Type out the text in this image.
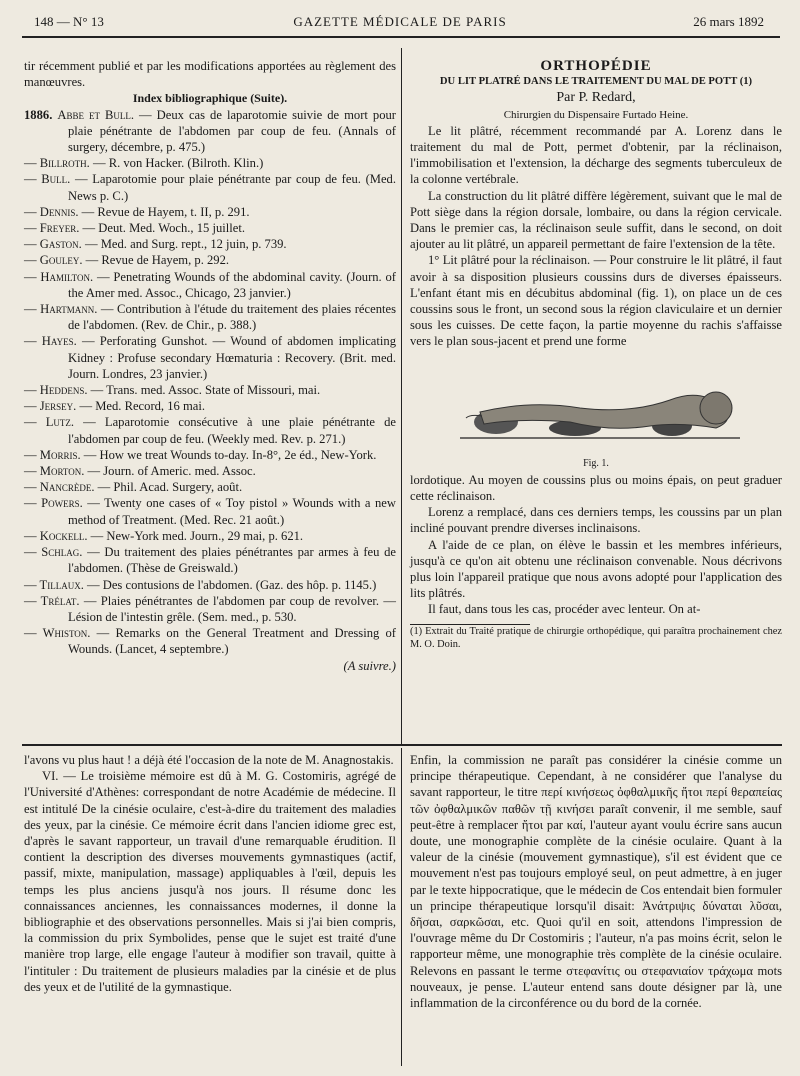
148 — N° 13	GAZETTE MÉDICALE DE PARIS	26 mars 1892

tir récemment publié et par les modifications apportées au règlement des manœuvres.

Index bibliographique (Suite).

1886. Abbe et Bull. — Deux cas de laparotomie suivie de mort pour plaie pénétrante de l'abdomen par coup de feu. (Annals of surgery, décembre, p. 475.)

— Billroth. — R. von Hacker. (Bilroth. Klin.)

— Bull. — Laparotomie pour plaie pénétrante par coup de feu. (Med. News p. C.)

— Dennis. — Revue de Hayem, t. II, p. 291.

— Freyer. — Deut. Med. Woch., 15 juillet.

— Gaston. — Med. and Surg. rept., 12 juin, p. 739.

— Gouley. — Revue de Hayem, p. 292.

— Hamilton. — Penetrating Wounds of the abdominal cavity. (Journ. of the Amer med. Assoc., Chicago, 23 janvier.)

— Hartmann. — Contribution à l'étude du traitement des plaies récentes de l'abdomen. (Rev. de Chir., p. 388.)

— Hayes. — Perforating Gunshot. — Wound of abdomen implicating Kidney : Profuse secondary Hœmaturia : Recovery. (Brit. med. Journ. Londres, 23 janvier.)

— Heddens. — Trans. med. Assoc. State of Missouri, mai.

— Jersey. — Med. Record, 16 mai.

— Lutz. — Laparotomie consécutive à une plaie pénétrante de l'abdomen par coup de feu. (Weekly med. Rev. p. 271.)

— Morris. — How we treat Wounds to-day. In-8°, 2e éd., New-York.

— Morton. — Journ. of Americ. med. Assoc.

— Nancrède. — Phil. Acad. Surgery, août.

— Powers. — Twenty one cases of « Toy pistol » Wounds with a new method of Treatment. (Med. Rec. 21 août.)

— Kockell. — New-York med. Journ., 29 mai, p. 621.

— Schlag. — Du traitement des plaies pénétrantes par armes à feu de l'abdomen. (Thèse de Greiswald.)

— Tillaux. — Des contusions de l'abdomen. (Gaz. des hôp. p. 1145.)

— Trélat. — Plaies pénétrantes de l'abdomen par coup de revolver. — Lésion de l'intestin grêle. (Sem. med., p. 530.

— Whiston. — Remarks on the General Treatment and Dressing of Wounds. (Lancet, 4 septembre.)

(A suivre.)

ORTHOPÉDIE

DU LIT PLATRÉ DANS LE TRAITEMENT DU MAL DE POTT (1)

Par P. Redard,

Chirurgien du Dispensaire Furtado Heine.

Le lit plâtré, récemment recommandé par A. Lorenz dans le traitement du mal de Pott, permet d'obtenir, par la réclinaison, l'immobilisation et l'extension, la décharge des segments tuberculeux de la colonne vertébrale.

La construction du lit plâtré diffère légèrement, suivant que le mal de Pott siège dans la région dorsale, lombaire, ou dans la région cervicale. Dans le premier cas, la réclinaison seule suffit, dans le second, on doit ajouter au lit plâtré, un appareil permettant de faire l'extension de la tête.

1° Lit plâtré pour la réclinaison. — Pour construire le lit plâtré, il faut avoir à sa disposition plusieurs coussins durs de diverses épaisseurs. L'enfant étant mis en décubitus abdominal (fig. 1), on place un de ces coussins sous le front, un second sous la région claviculaire et un dernier sous les cuisses. De cette façon, la partie moyenne du rachis s'affaisse vers le plan sous-jacent et prend une forme

Fig. 1.

lordotique. Au moyen de coussins plus ou moins épais, on peut graduer cette réclinaison.

Lorenz a remplacé, dans ces derniers temps, les coussins par un plan incliné pouvant prendre diverses inclinaisons.

A l'aide de ce plan, on élève le bassin et les membres inférieurs, jusqu'à ce qu'on ait obtenu une réclinaison convenable. Nous décrivons plus loin l'appareil pratique que nous avons adopté pour l'application des lits plâtrés.

Il faut, dans tous les cas, procéder avec lenteur. On at-

(1) Extrait du Traité pratique de chirurgie orthopédique, qui paraîtra prochainement chez M. O. Doin.

l'avons vu plus haut ! a déjà été l'occasion de la note de M. Anagnostakis.

VI. — Le troisième mémoire est dû à M. G. Costomiris, agrégé de l'Université d'Athènes: correspondant de notre Académie de médecine. Il est intitulé De la cinésie oculaire, c'est-à-dire du traitement des maladies des yeux, par la cinésie. Ce mémoire écrit dans l'ancien idiome grec est, d'après le savant rapporteur, un travail d'une remarquable érudition. Il contient la description des diverses mouvements gymnastiques (actif, passif, mixte, manipulation, massage) appliquables à l'œil, depuis les temps les plus anciens jusqu'à nos jours. Il résume donc les connaissances anciennes, les connaissances modernes, il donne la bibliographie et des observations personnelles. Mais si j'ai bien compris, la commission du prix Symbolides, pense que le sujet est traité d'une manière trop large, elle engage l'auteur à modifier son travail, quitte à l'intituler : Du traitement de plusieurs maladies par la cinésie et de plus des yeux et de l'utilité de la gymnastique.

Enfin, la commission ne paraît pas considérer la cinésie comme un principe thérapeutique. Cependant, à ne considérer que l'analyse du savant rapporteur, le titre περί κινήσεως ὀφθαλμικῆς ἤτοι περί θεραπείας τῶν ὀφθαλμικῶν παθῶν τῇ κινήσει paraît convenir, il me semble, sauf peut-être à remplacer ἤτοι par καί, l'auteur ayant voulu écrire sans aucun doute, une monographie complète de la cinésie oculaire. Quant à la valeur de la cinésie (mouvement gymnastique), s'il est évident que ce mouvement n'est pas toujours employé seul, on peut admettre, à en juger par le texte hippocratique, que le médecin de Cos entendait bien formuler un principe thérapeutique lorsqu'il disait: Ἀνάτριψις δύναται λῦσαι, δῆσαι, σαρκῶσαι, etc. Quoi qu'il en soit, attendons l'impression de l'ouvrage même du Dr Costomiris ; l'auteur, n'a pas moins écrit, selon le rapporteur même, une monographie très complète de la cinésie oculaire. Relevons en passant le terme στεφανίτις ou στεφανιαίον τράχωμα mots nouveaux, je pense. L'auteur entend sans doute désigner par là, une inflammation de la circonférence ou du bord de la cornée.
